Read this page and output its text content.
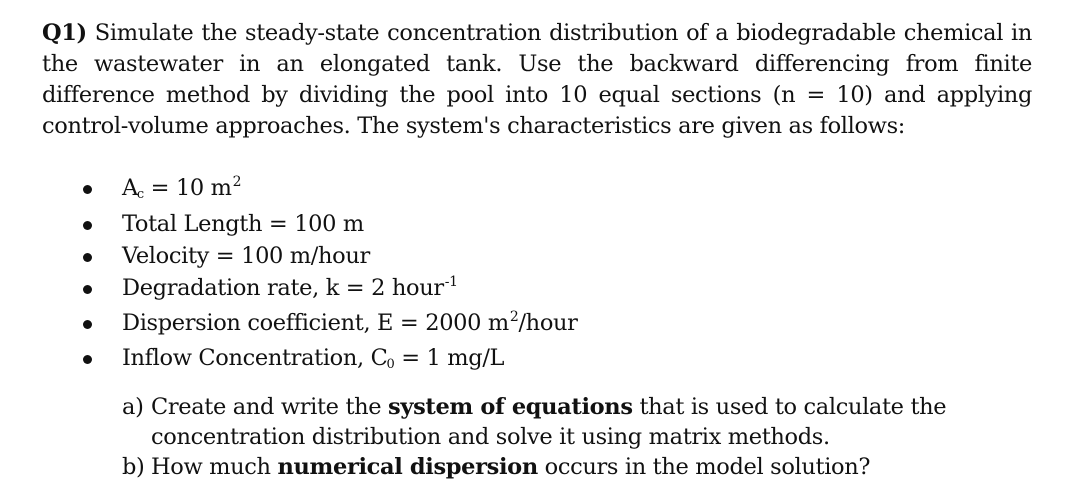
Q1) Simulate the steady-state concentration distribution of a biodegradable chemical in the wastewater in an elongated tank. Use the backward differencing from finite difference method by dividing the pool into 10 equal sections (n = 10) and applying control-volume approaches. The system's characteristics are given as follows:

Ac = 10 $m^2$
Total Length = 100 m
Velocity = 100 m/hour
Degradation rate, k = 2 hour$^{-1}$
Dispersion coefficient, E = 2000 $m^2$/hour
Inflow Concentration, C0 = 1 mg/L
a) Create and write the system of equations that is used to calculate the concentration distribution and solve it using matrix methods.
b) How much numerical dispersion occurs in the model solution?
